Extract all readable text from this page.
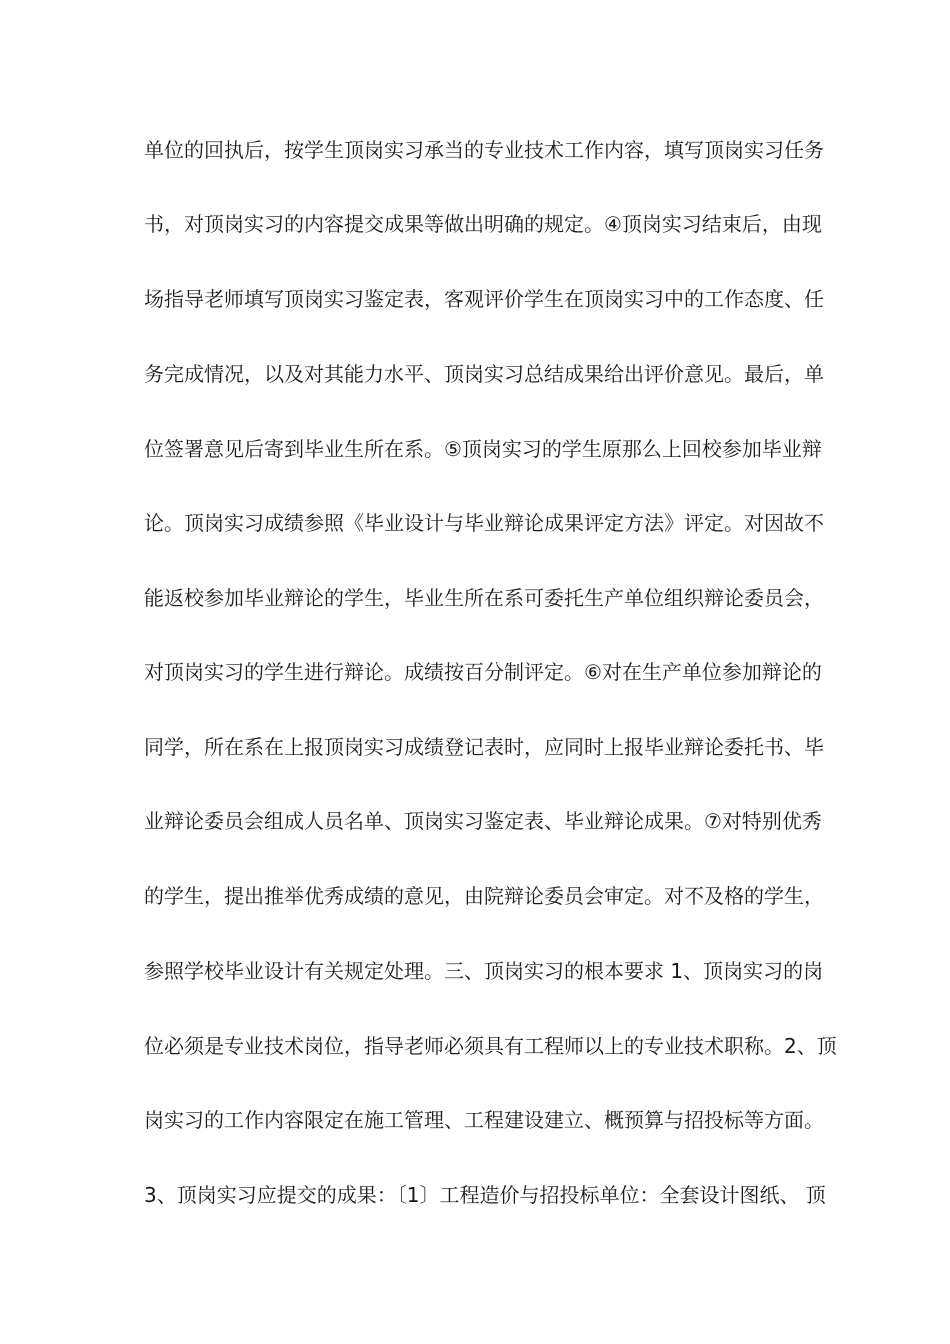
单位的回执后，按学生顶岗实习承当的专业技术工作内容，填写顶岗实习任务
书，对顶岗实习的内容提交成果等做出明确的规定。④顶岗实习结束后，由现
场指导老师填写顶岗实习鉴定表，客观评价学生在顶岗实习中的工作态度、任
务完成情况，以及对其能力水平、顶岗实习总结成果给出评价意见。最后，单
位签署意见后寄到毕业生所在系。⑤顶岗实习的学生原那么上回校参加毕业辩
论。顶岗实习成绩参照《毕业设计与毕业辩论成果评定方法》评定。对因故不
能返校参加毕业辩论的学生，毕业生所在系可委托生产单位组织辩论委员会，
对顶岗实习的学生进行辩论。成绩按百分制评定。⑥对在生产单位参加辩论的
同学，所在系在上报顶岗实习成绩登记表时，应同时上报毕业辩论委托书、毕
业辩论委员会组成人员名单、顶岗实习鉴定表、毕业辩论成果。⑦对特别优秀
的学生，提出推举优秀成绩的意见，由院辩论委员会审定。对不及格的学生，
参照学校毕业设计有关规定处理。三、顶岗实习的根本要求 1、顶岗实习的岗
位必须是专业技术岗位，指导老师必须具有工程师以上的专业技术职称。2、顶
岗实习的工作内容限定在施工管理、工程建设建立、概预算与招投标等方面。
3、顶岗实习应提交的成果：〔1〕工程造价与招投标单位：全套设计图纸、 顶
